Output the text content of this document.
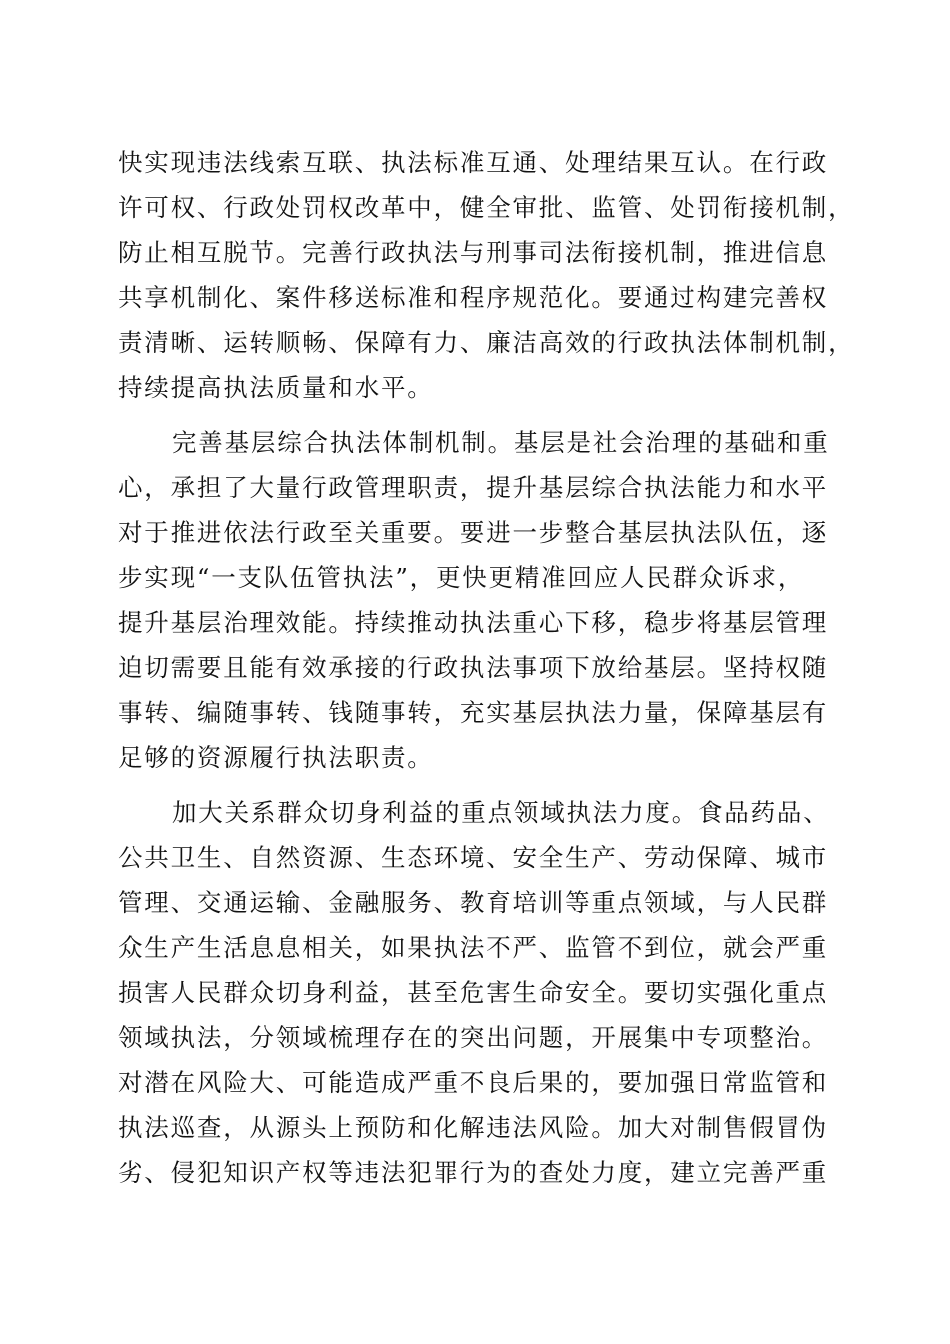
快实现违法线索互联、执法标准互通、处理结果互认。在行政
许可权、行政处罚权改革中，健全审批、监管、处罚衔接机制，
防止相互脱节。完善行政执法与刑事司法衔接机制，推进信息
共享机制化、案件移送标准和程序规范化。要通过构建完善权
责清晰、运转顺畅、保障有力、廉洁高效的行政执法体制机制，
持续提高执法质量和水平。
完善基层综合执法体制机制。基层是社会治理的基础和重
心，承担了大量行政管理职责，提升基层综合执法能力和水平
对于推进依法行政至关重要。要进一步整合基层执法队伍，逐
步实现“一支队伍管执法”，更快更精准回应人民群众诉求，
提升基层治理效能。持续推动执法重心下移，稳步将基层管理
迫切需要且能有效承接的行政执法事项下放给基层。坚持权随
事转、编随事转、钱随事转，充实基层执法力量，保障基层有
足够的资源履行执法职责。
加大关系群众切身利益的重点领域执法力度。食品药品、
公共卫生、自然资源、生态环境、安全生产、劳动保障、城市
管理、交通运输、金融服务、教育培训等重点领域，与人民群
众生产生活息息相关，如果执法不严、监管不到位，就会严重
损害人民群众切身利益，甚至危害生命安全。要切实强化重点
领域执法，分领域梳理存在的突出问题，开展集中专项整治。
对潜在风险大、可能造成严重不良后果的，要加强日常监管和
执法巡查，从源头上预防和化解违法风险。加大对制售假冒伪
劣、侵犯知识产权等违法犯罪行为的查处力度，建立完善严重
